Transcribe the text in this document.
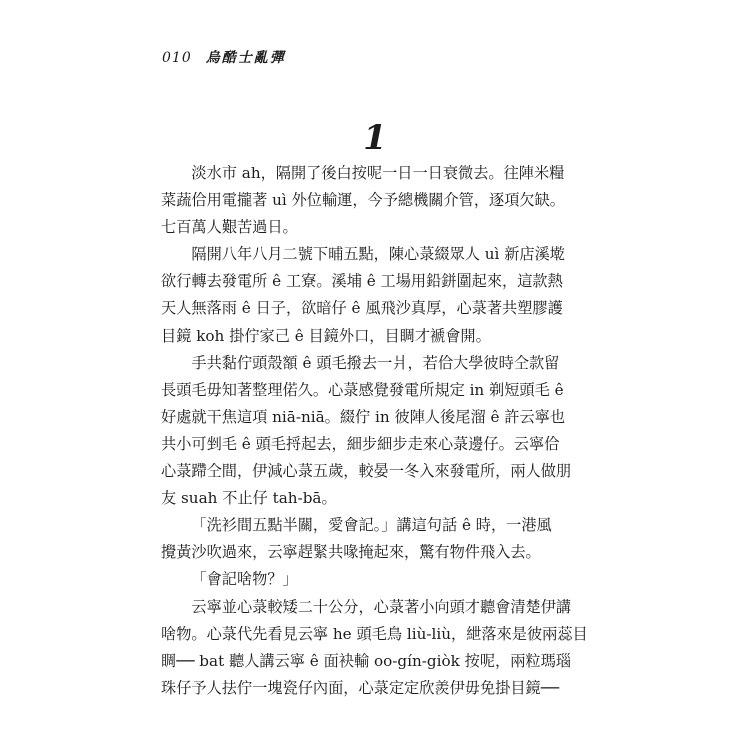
010 烏酷士亂彈
1
淡水市 ah，隔開了後白按呢一日一日衰微去。往陣米糧
菜蔬佮用電攏著 uì 外位輸運，今予總機關介管，逐項欠缺。
七百萬人艱苦過日。
隔開八年八月二號下晡五點，陳心菉綴眾人 uì 新店溪墘
欲行轉去發電所 ê 工寮。溪埔 ê 工場用鉛鉼圍起來，這款熱
天人無落雨 ê 日子，欲暗仔 ê 風飛沙真厚，心菉著共塑膠護
目鏡 koh 掛佇家己 ê 目鏡外口，目睭才褫會開。
手共黏佇頭殼額 ê 頭毛撥去一爿，若佮大學彼時仝款留
長頭毛毋知著整理偌久。心菉感覺發電所規定 in 剃短頭毛 ê
好處就干焦這項 niā-niā。綴佇 in 彼陣人後尾溜 ê 許云寧也
共小可剉毛 ê 頭毛捋起去，細步細步走來心菉邊仔。云寧佮
心菉蹛仝間，伊減心菉五歲，較晏一冬入來發電所，兩人做朋
友 suah 不止仔 tah-bā。
「洗衫間五點半關，愛會記。」講這句話 ê 時，一港風
攪黃沙吹過來，云寧趕緊共喙掩起來，驚有物件飛入去。
「會記啥物？」
云寧並心菉較矮二十公分，心菉著小向頭才聽會清楚伊講
啥物。心菉代先看見云寧 he 頭毛鳥 liù-liù，紲落來是彼兩蕊目
睭── bat 聽人講云寧 ê 面袂輸 oo-gín-giòk 按呢，兩粒瑪瑙
珠仔予人抾佇一塊瓷仔內面，心菉定定欣羨伊毋免掛目鏡──
